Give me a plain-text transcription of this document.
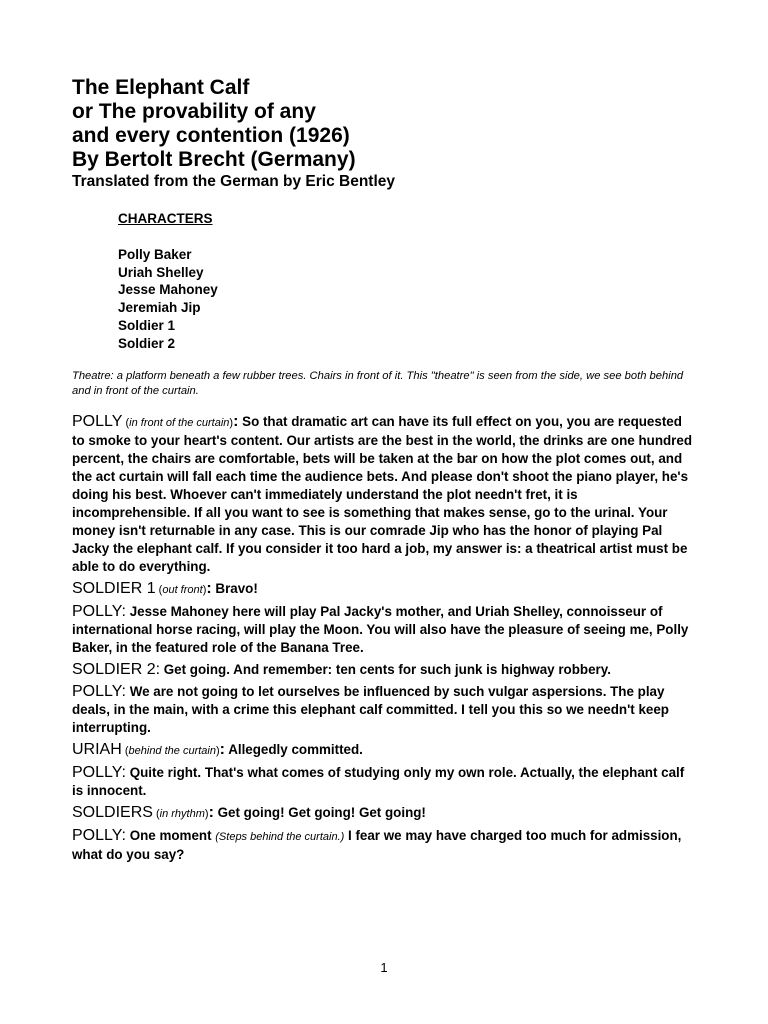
The Elephant Calf
or The provability of any
and every contention (1926)
By Bertolt Brecht (Germany)
Translated from the German by Eric Bentley
CHARACTERS
Polly Baker
Uriah Shelley
Jesse Mahoney
Jeremiah Jip
Soldier 1
Soldier 2
Theatre: a platform beneath a few rubber trees. Chairs in front of it. This "theatre" is seen from the side, we see both behind and in front of the curtain.

POLLY (in front of the curtain): So that dramatic art can have its full effect on you, you are requested to smoke to your heart's content. Our artists are the best in the world, the drinks are one hundred percent, the chairs are comfortable, bets will be taken at the bar on how the plot comes out, and the act curtain will fall each time the audience bets. And please don't shoot the piano player, he's doing his best. Whoever can't immediately understand the plot needn't fret, it is incomprehensible. If all you want to see is something that makes sense, go to the urinal. Your money isn't returnable in any case. This is our comrade Jip who has the honor of playing Pal Jacky the elephant calf. If you consider it too hard a job, my answer is: a theatrical artist must be able to do everything.

SOLDIER 1 (out front): Bravo!

POLLY: Jesse Mahoney here will play Pal Jacky's mother, and Uriah Shelley, connoisseur of international horse racing, will play the Moon. You will also have the pleasure of seeing me, Polly Baker, in the featured role of the Banana Tree.

SOLDIER 2: Get going. And remember: ten cents for such junk is highway robbery.

POLLY: We are not going to let ourselves be influenced by such vulgar aspersions. The play deals, in the main, with a crime this elephant calf committed. I tell you this so we needn't keep interrupting.

URIAH (behind the curtain): Allegedly committed.

POLLY: Quite right. That's what comes of studying only my own role. Actually, the elephant calf is innocent.

SOLDIERS (in rhythm): Get going! Get going! Get going!

POLLY: One moment (Steps behind the curtain.) I fear we may have charged too much for admission, what do you say?

1
